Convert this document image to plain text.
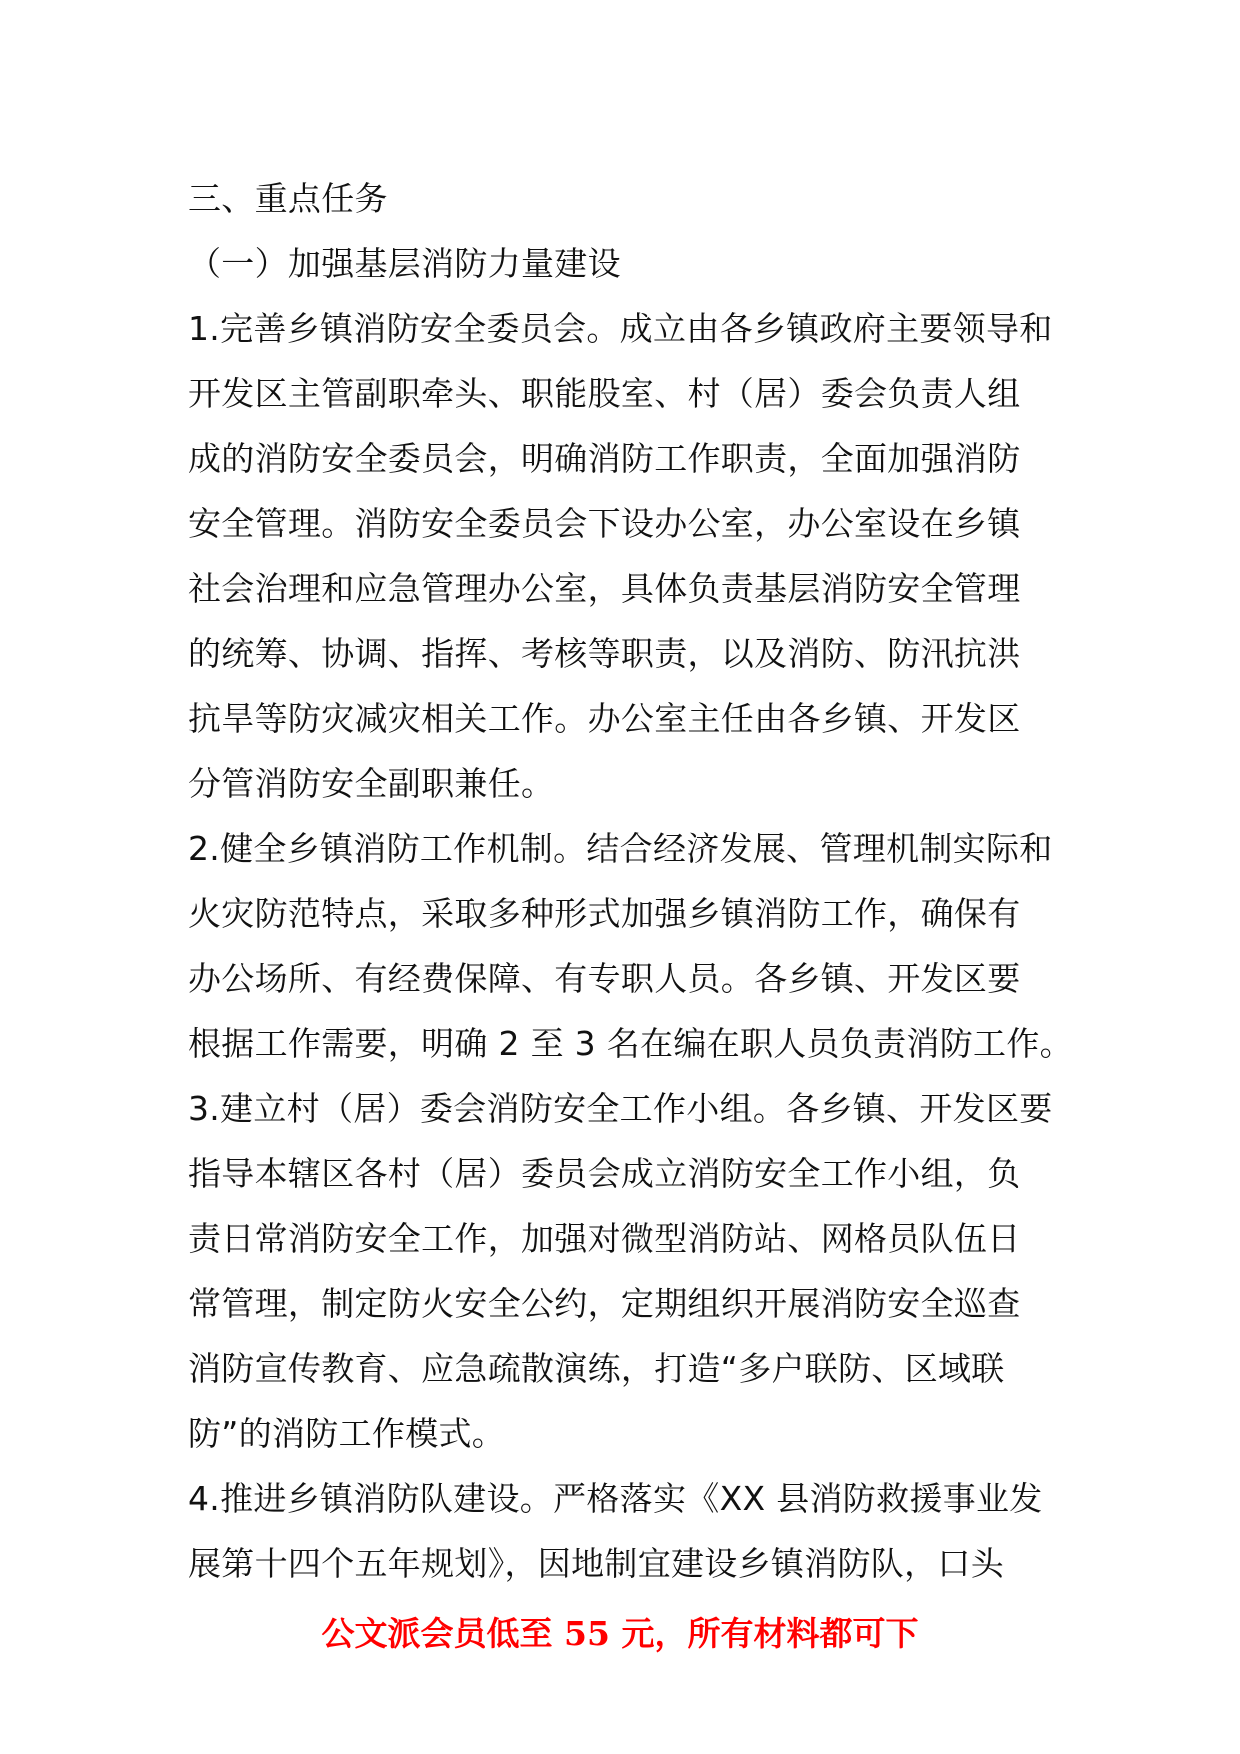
三、重点任务
（一）加强基层消防力量建设
1.完善乡镇消防安全委员会。成立由各乡镇政府主要领导和
开发区主管副职牵头、职能股室、村（居）委会负责人组
成的消防安全委员会，明确消防工作职责，全面加强消防
安全管理。消防安全委员会下设办公室，办公室设在乡镇
社会治理和应急管理办公室，具体负责基层消防安全管理
的统筹、协调、指挥、考核等职责，以及消防、防汛抗洪
抗旱等防灾减灾相关工作。办公室主任由各乡镇、开发区
分管消防安全副职兼任。
2.健全乡镇消防工作机制。结合经济发展、管理机制实际和
火灾防范特点，采取多种形式加强乡镇消防工作，确保有
办公场所、有经费保障、有专职人员。各乡镇、开发区要
根据工作需要，明确 2 至 3 名在编在职人员负责消防工作。
3.建立村（居）委会消防安全工作小组。各乡镇、开发区要
指导本辖区各村（居）委员会成立消防安全工作小组，负
责日常消防安全工作，加强对微型消防站、网格员队伍日
常管理，制定防火安全公约，定期组织开展消防安全巡查
消防宣传教育、应急疏散演练，打造“多户联防、区域联
防”的消防工作模式。
4.推进乡镇消防队建设。严格落实《XX 县消防救援事业发
展第十四个五年规划》，因地制宜建设乡镇消防队，口头
公文派会员低至 55 元，所有材料都可下
